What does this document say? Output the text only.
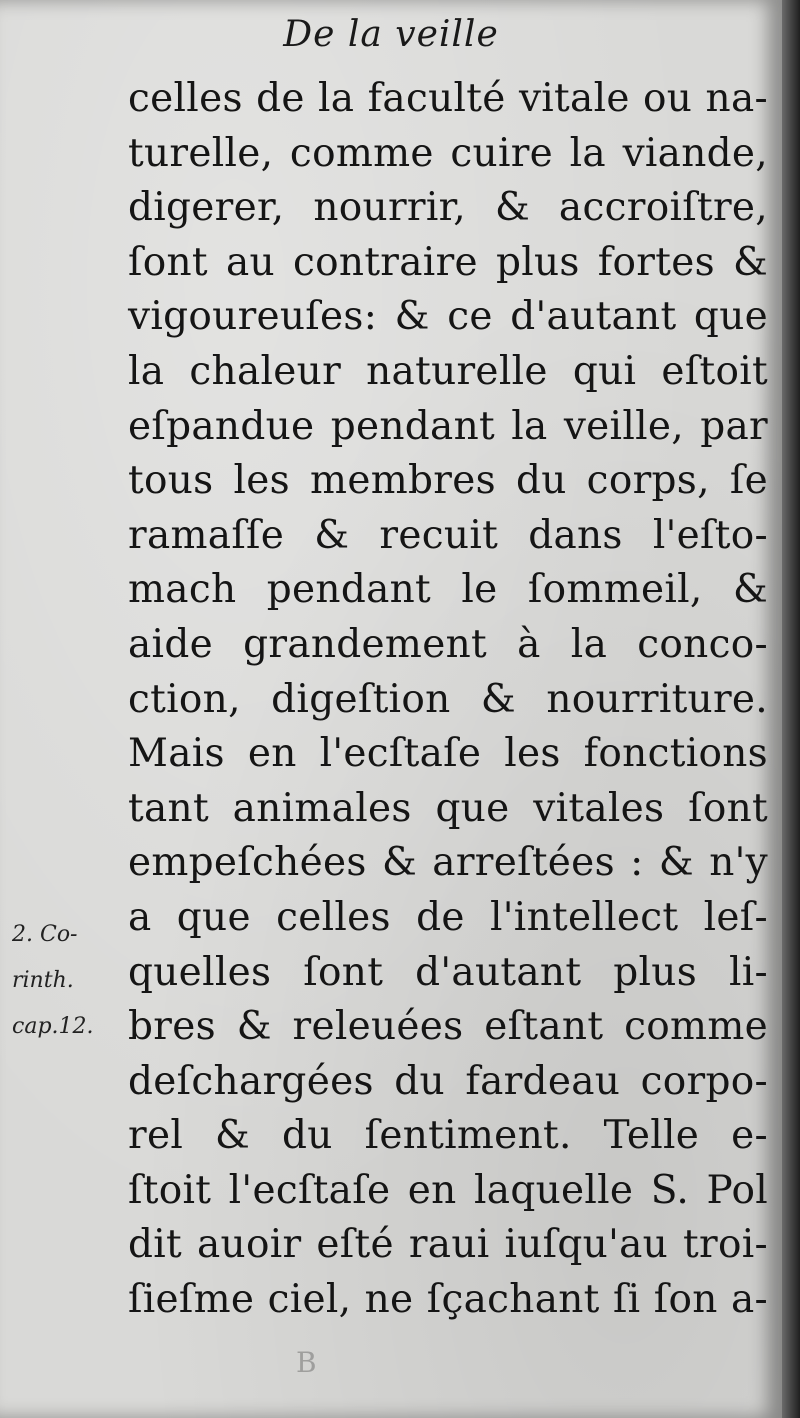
De la veille
celles de la faculté vitale ou na-
turelle, comme cuire la viande,
digerer, nourrir, & accroiſtre,
ſont au contraire plus fortes &
vigoureuſes: & ce d'autant que
la chaleur naturelle qui eſtoit
eſpandue pendant la veille, par
tous les membres du corps, ſe
ramaſſe & recuit dans l'eſto-
mach pendant le ſommeil, &
aide grandement à la conco-
ction, digeſtion & nourriture.
Mais en l'ecſtaſe les fonctions
tant animales que vitales ſont
empeſchées & arreſtées : & n'y
a que celles de l'intellect leſ-
quelles ſont d'autant plus li-
bres & releuées eſtant comme
deſchargées du fardeau corpo-
rel & du ſentiment. Telle e-
ſtoit l'ecſtaſe en laquelle S. Pol
dit auoir eſté raui iuſqu'au troi-
ſieſme ciel, ne ſçachant ſi ſon a-
2. Co-
rinth.
cap.12.
B
